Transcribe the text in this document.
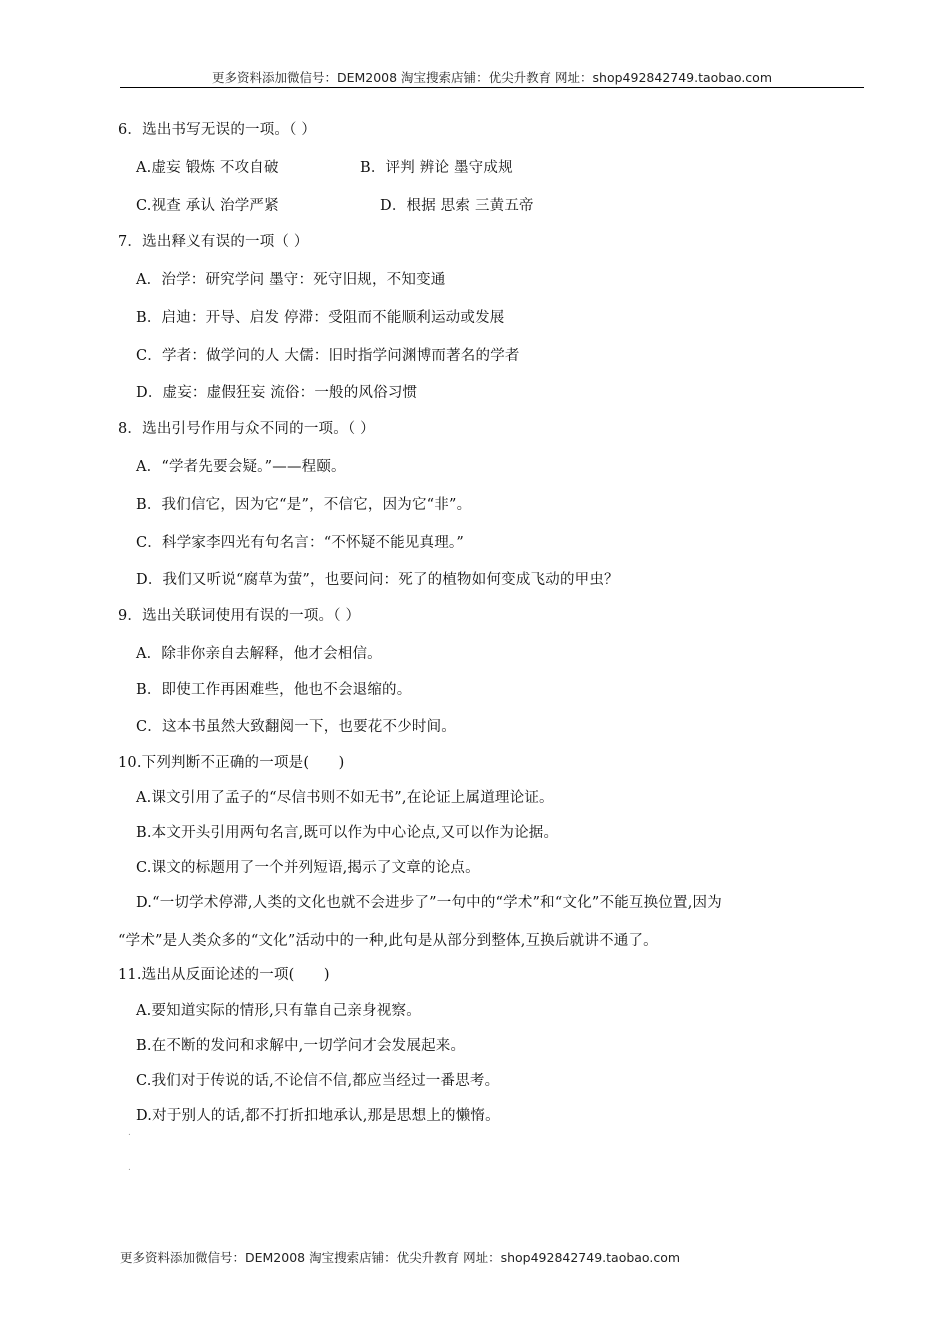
更多资料添加微信号：DEM2008 淘宝搜索店铺：优尖升教育 网址：shop492842749.taobao.com
6．选出书写无误的一项。（ ）
A.虚妄 锻炼 不攻自破	B．评判 辨论 墨守成规
C.视查 承认 治学严紧	D．根据 思索 三黄五帝
7．选出释义有误的一项（ ）
A．治学：研究学问 墨守：死守旧规，不知变通
B．启迪：开导、启发 停滞：受阻而不能顺利运动或发展
C．学者：做学问的人 大儒：旧时指学问渊博而著名的学者
D．虚妄：虚假狂妄 流俗：一般的风俗习惯
8．选出引号作用与众不同的一项。（ ）
A．“学者先要会疑。”——程颐。
B．我们信它，因为它“是”，不信它，因为它“非”。
C．科学家李四光有句名言：“不怀疑不能见真理。”
D．我们又听说“腐草为萤”，也要问问：死了的植物如何变成飞动的甲虫？
9．选出关联词使用有误的一项。（ ）
A．除非你亲自去解释，他才会相信。
B．即使工作再困难些，他也不会退缩的。
C．这本书虽然大致翻阅一下，也要花不少时间。
10.下列判断不正确的一项是(　　)
A.课文引用了孟子的“尽信书则不如无书”,在论证上属道理论证。
B.本文开头引用两句名言,既可以作为中心论点,又可以作为论据。
C.课文的标题用了一个并列短语,揭示了文章的论点。
D.“一切学术停滞,人类的文化也就不会进步了”一句中的“学术”和“文化”不能互换位置,因为
“学术”是人类众多的“文化”活动中的一种,此句是从部分到整体,互换后就讲不通了。
11.选出从反面论述的一项(　　)
A.要知道实际的情形,只有靠自己亲身视察。
B.在不断的发问和求解中,一切学问才会发展起来。
C.我们对于传说的话,不论信不信,都应当经过一番思考。
D.对于别人的话,都不打折扣地承认,那是思想上的懒惰。
.
.
更多资料添加微信号：DEM2008 淘宝搜索店铺：优尖升教育 网址：shop492842749.taobao.com
